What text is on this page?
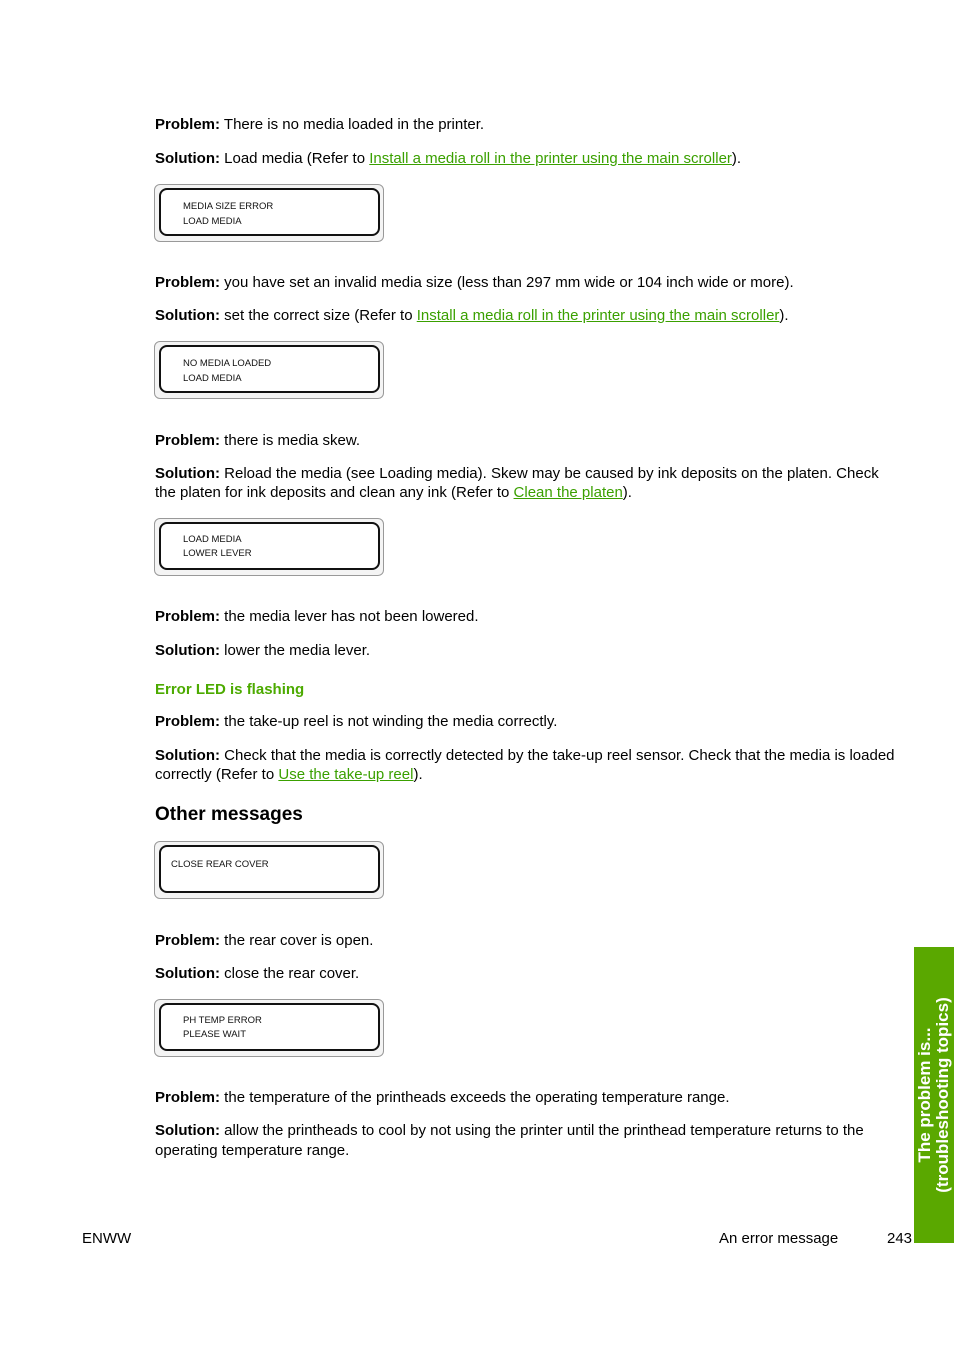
Problem: There is no media loaded in the printer.

Solution: Load media (Refer to Install a media roll in the printer using the main scroller).

MEDIA SIZE ERROR
LOAD MEDIA

Problem: you have set an invalid media size (less than 297 mm wide or 104 inch wide or more).

Solution: set the correct size (Refer to Install a media roll in the printer using the main scroller).

NO MEDIA LOADED
LOAD MEDIA

Problem: there is media skew.

Solution: Reload the media (see Loading media). Skew may be caused by ink deposits on the platen. Check the platen for ink deposits and clean any ink (Refer to Clean the platen).

LOAD MEDIA
LOWER LEVER

Problem: the media lever has not been lowered.

Solution: lower the media lever.

Error LED is flashing

Problem: the take-up reel is not winding the media correctly.

Solution: Check that the media is correctly detected by the take-up reel sensor. Check that the media is loaded correctly (Refer to Use the take-up reel).

Other messages
CLOSE REAR COVER

Problem: the rear cover is open.

Solution: close the rear cover.

PH TEMP ERROR
PLEASE WAIT

Problem: the temperature of the printheads exceeds the operating temperature range.

Solution: allow the printheads to cool by not using the printer until the printhead temperature returns to the operating temperature range.

ENWW	An error message	243
The problem is... (troubleshooting topics)
